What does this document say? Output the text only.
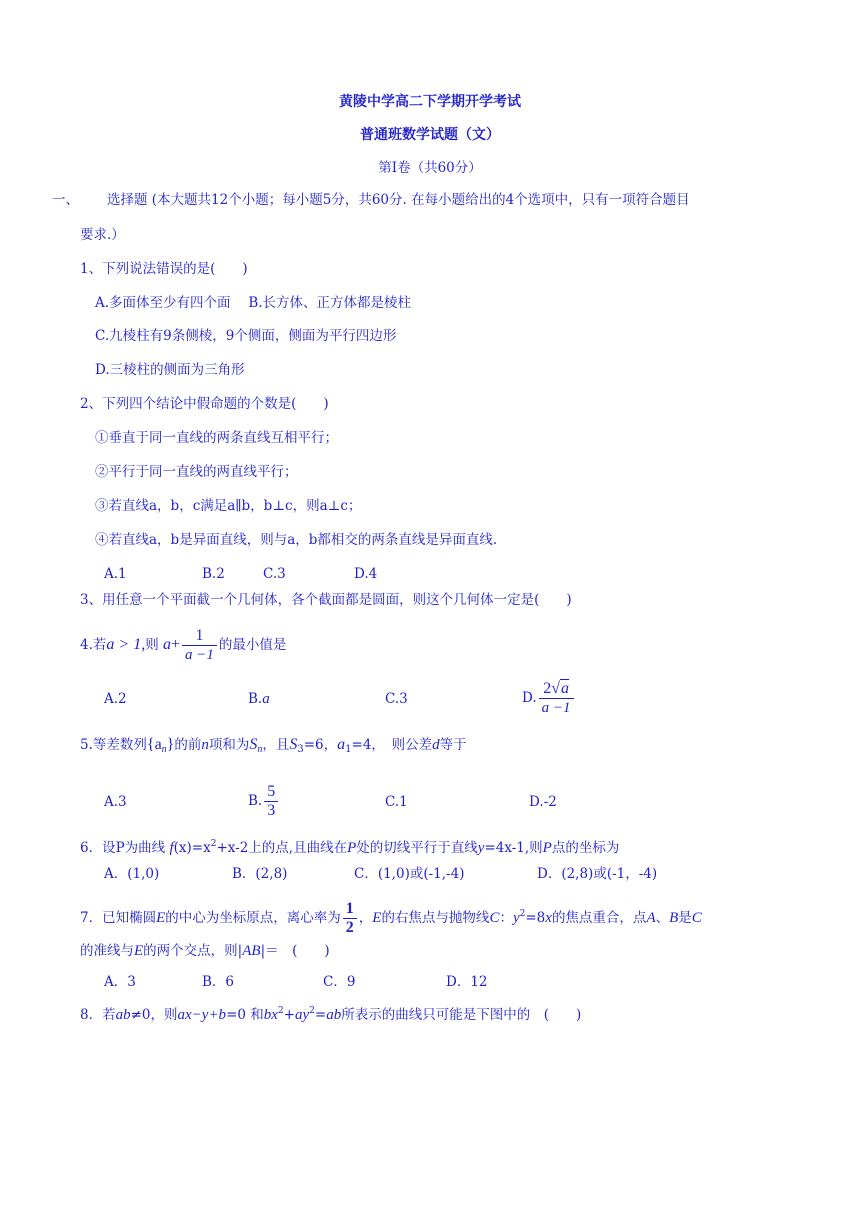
黄陵中学高二下学期开学考试
普通班数学试题（文）
第I卷（共60分）
一、 选择题 (本大题共12个小题；每小题5分，共60分. 在每小题给出的4个选项中，只有一项符合题目
要求.）
1、下列说法错误的是(　　)
A.多面体至少有四个面　 B.长方体、正方体都是棱柱
C.九棱柱有9条侧棱，9个侧面，侧面为平行四边形
D.三棱柱的侧面为三角形
2、下列四个结论中假命题的个数是(　　)
①垂直于同一直线的两条直线互相平行；
②平行于同一直线的两直线平行；
③若直线a，b，c满足a∥b，b⊥c，则a⊥c；
④若直线a，b是异面直线，则与a，b都相交的两条直线是异面直线.
A.1	B.2	C.3	D.4
3、用任意一个平面截一个几何体，各个截面都是圆面，则这个几何体一定是(　　)
4.若a > 1,则 $a+ \frac{1}{a -1}$ 的最小值是
A.2	B.a	C.3	D. $\frac{2√a}{a -1}$
5.等差数列$\{a_n\}$的前n项和为$S_n$，且$S_3=6$，$a_1=4$，　则公差d等于
A.3	B. $\frac{5}{3}$	C.1	D.-2
6．设P为曲线 $f(x)=x^2+x-2$上的点,且曲线在P处的切线平行于直线y=4x-1,则P点的坐标为
A．(1,0)	B．(2,8)	C．(1,0)或(-1,-4)	D．(2,8)或(-1，-4)
7．已知椭圆E的中心为坐标原点，离心率为 $\frac{1}{2}$ ，E的右焦点与抛物线C：$y^2=8x$的焦点重合，点A、B是C
的准线与E的两个交点，则|AB|＝　(　　)
A．3	B．6	C．9	D．12
8．若ab≠0，则ax−y+b=0 和$bx^2+ay^2=ab$所表示的曲线只可能是下图中的　(　　)
